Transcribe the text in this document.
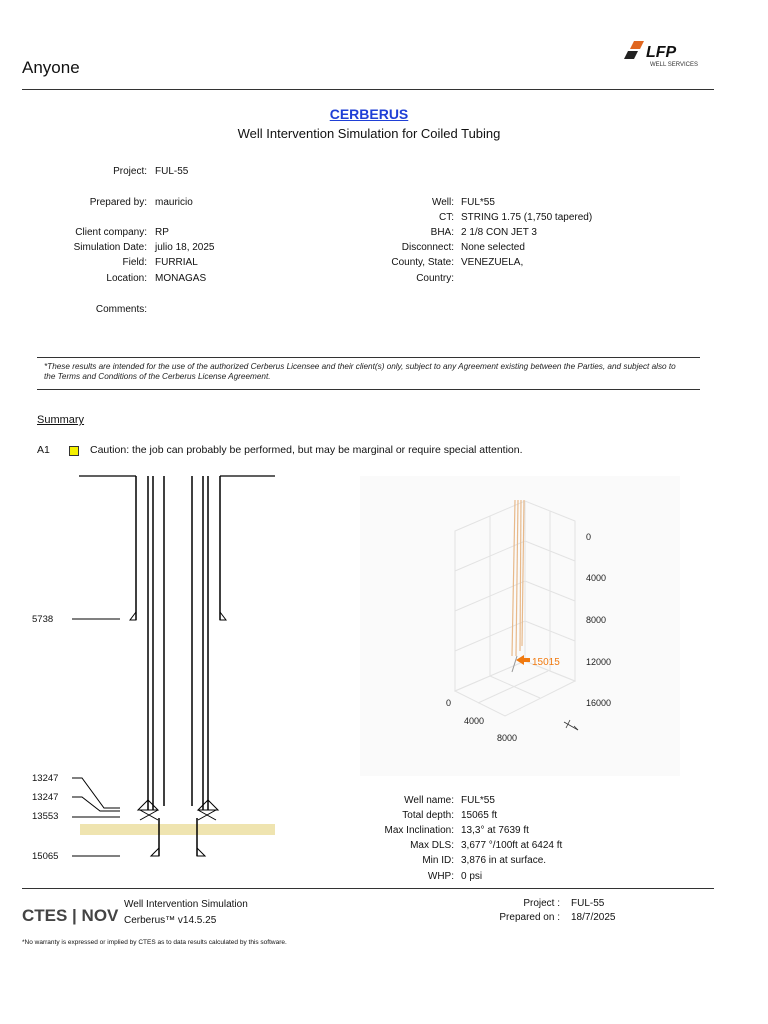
Anyone
LFP
WELL SERVICES
CERBERUS
Well Intervention Simulation for Coiled Tubing
Project: FUL-55
Prepared by: mauricio
Client company: RP
Simulation Date: julio 18, 2025
Field: FURRIAL
Location: MONAGAS
Comments:
Well: FUL*55
CT: STRING 1.75 (1,750 tapered)
BHA: 2 1/8 CON JET 3
Disconnect: None selected
County, State: VENEZUELA,
Country:
*These results are intended for the use of the authorized Cerberus Licensee and their client(s) only, subject to any Agreement existing between the Parties, and subject also to the Terms and Conditions of the Cerberus License Agreement.
Summary
A1	Caution: the job can probably be performed, but may be marginal or require special attention.
5738
13247
13247
13553
15065
15015
0
4000
8000
12000
16000
0
4000
8000
Well name: FUL*55
Total depth: 15065 ft
Max Inclination: 13,3° at 7639 ft
Max DLS: 3,677 °/100ft at 6424 ft
Min ID: 3,876 in at surface.
WHP: 0 psi
CTES | NOV
Well Intervention Simulation
Cerberus™ v14.5.25
Project : FUL-55
Prepared on : 18/7/2025
*No warranty is expressed or implied by CTES as to data results calculated by this software.
